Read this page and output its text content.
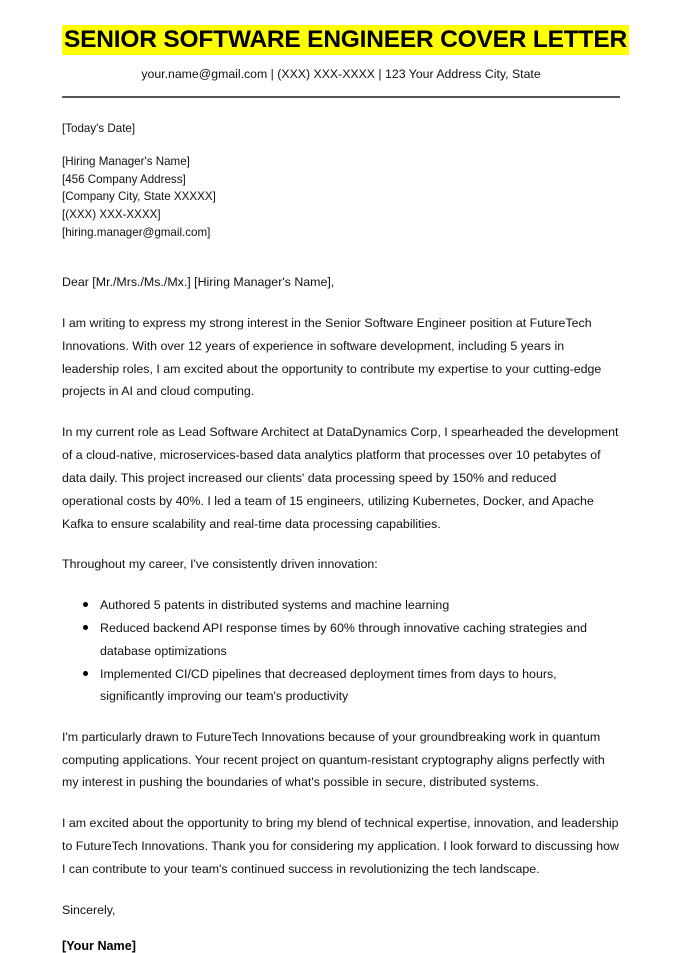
SENIOR SOFTWARE ENGINEER COVER LETTER

your.name@gmail.com | (XXX) XXX-XXXX | 123 Your Address City, State

[Today's Date]

[Hiring Manager's Name]

[456 Company Address]

[Company City, State XXXXX]

[(XXX) XXX-XXXX]

[hiring.manager@gmail.com]

Dear [Mr./Mrs./Ms./Mx.] [Hiring Manager's Name],

I am writing to express my strong interest in the Senior Software Engineer position at FutureTech Innovations. With over 12 years of experience in software development, including 5 years in leadership roles, I am excited about the opportunity to contribute my expertise to your cutting-edge projects in AI and cloud computing.

In my current role as Lead Software Architect at DataDynamics Corp, I spearheaded the development of a cloud-native, microservices-based data analytics platform that processes over 10 petabytes of data daily. This project increased our clients' data processing speed by 150% and reduced operational costs by 40%. I led a team of 15 engineers, utilizing Kubernetes, Docker, and Apache Kafka to ensure scalability and real-time data processing capabilities.

Throughout my career, I've consistently driven innovation:

Authored 5 patents in distributed systems and machine learning
Reduced backend API response times by 60% through innovative caching strategies and database optimizations
Implemented CI/CD pipelines that decreased deployment times from days to hours, significantly improving our team's productivity

I'm particularly drawn to FutureTech Innovations because of your groundbreaking work in quantum computing applications. Your recent project on quantum-resistant cryptography aligns perfectly with my interest in pushing the boundaries of what's possible in secure, distributed systems.

I am excited about the opportunity to bring my blend of technical expertise, innovation, and leadership to FutureTech Innovations. Thank you for considering my application. I look forward to discussing how I can contribute to your team's continued success in revolutionizing the tech landscape.

Sincerely,

[Your Name]
